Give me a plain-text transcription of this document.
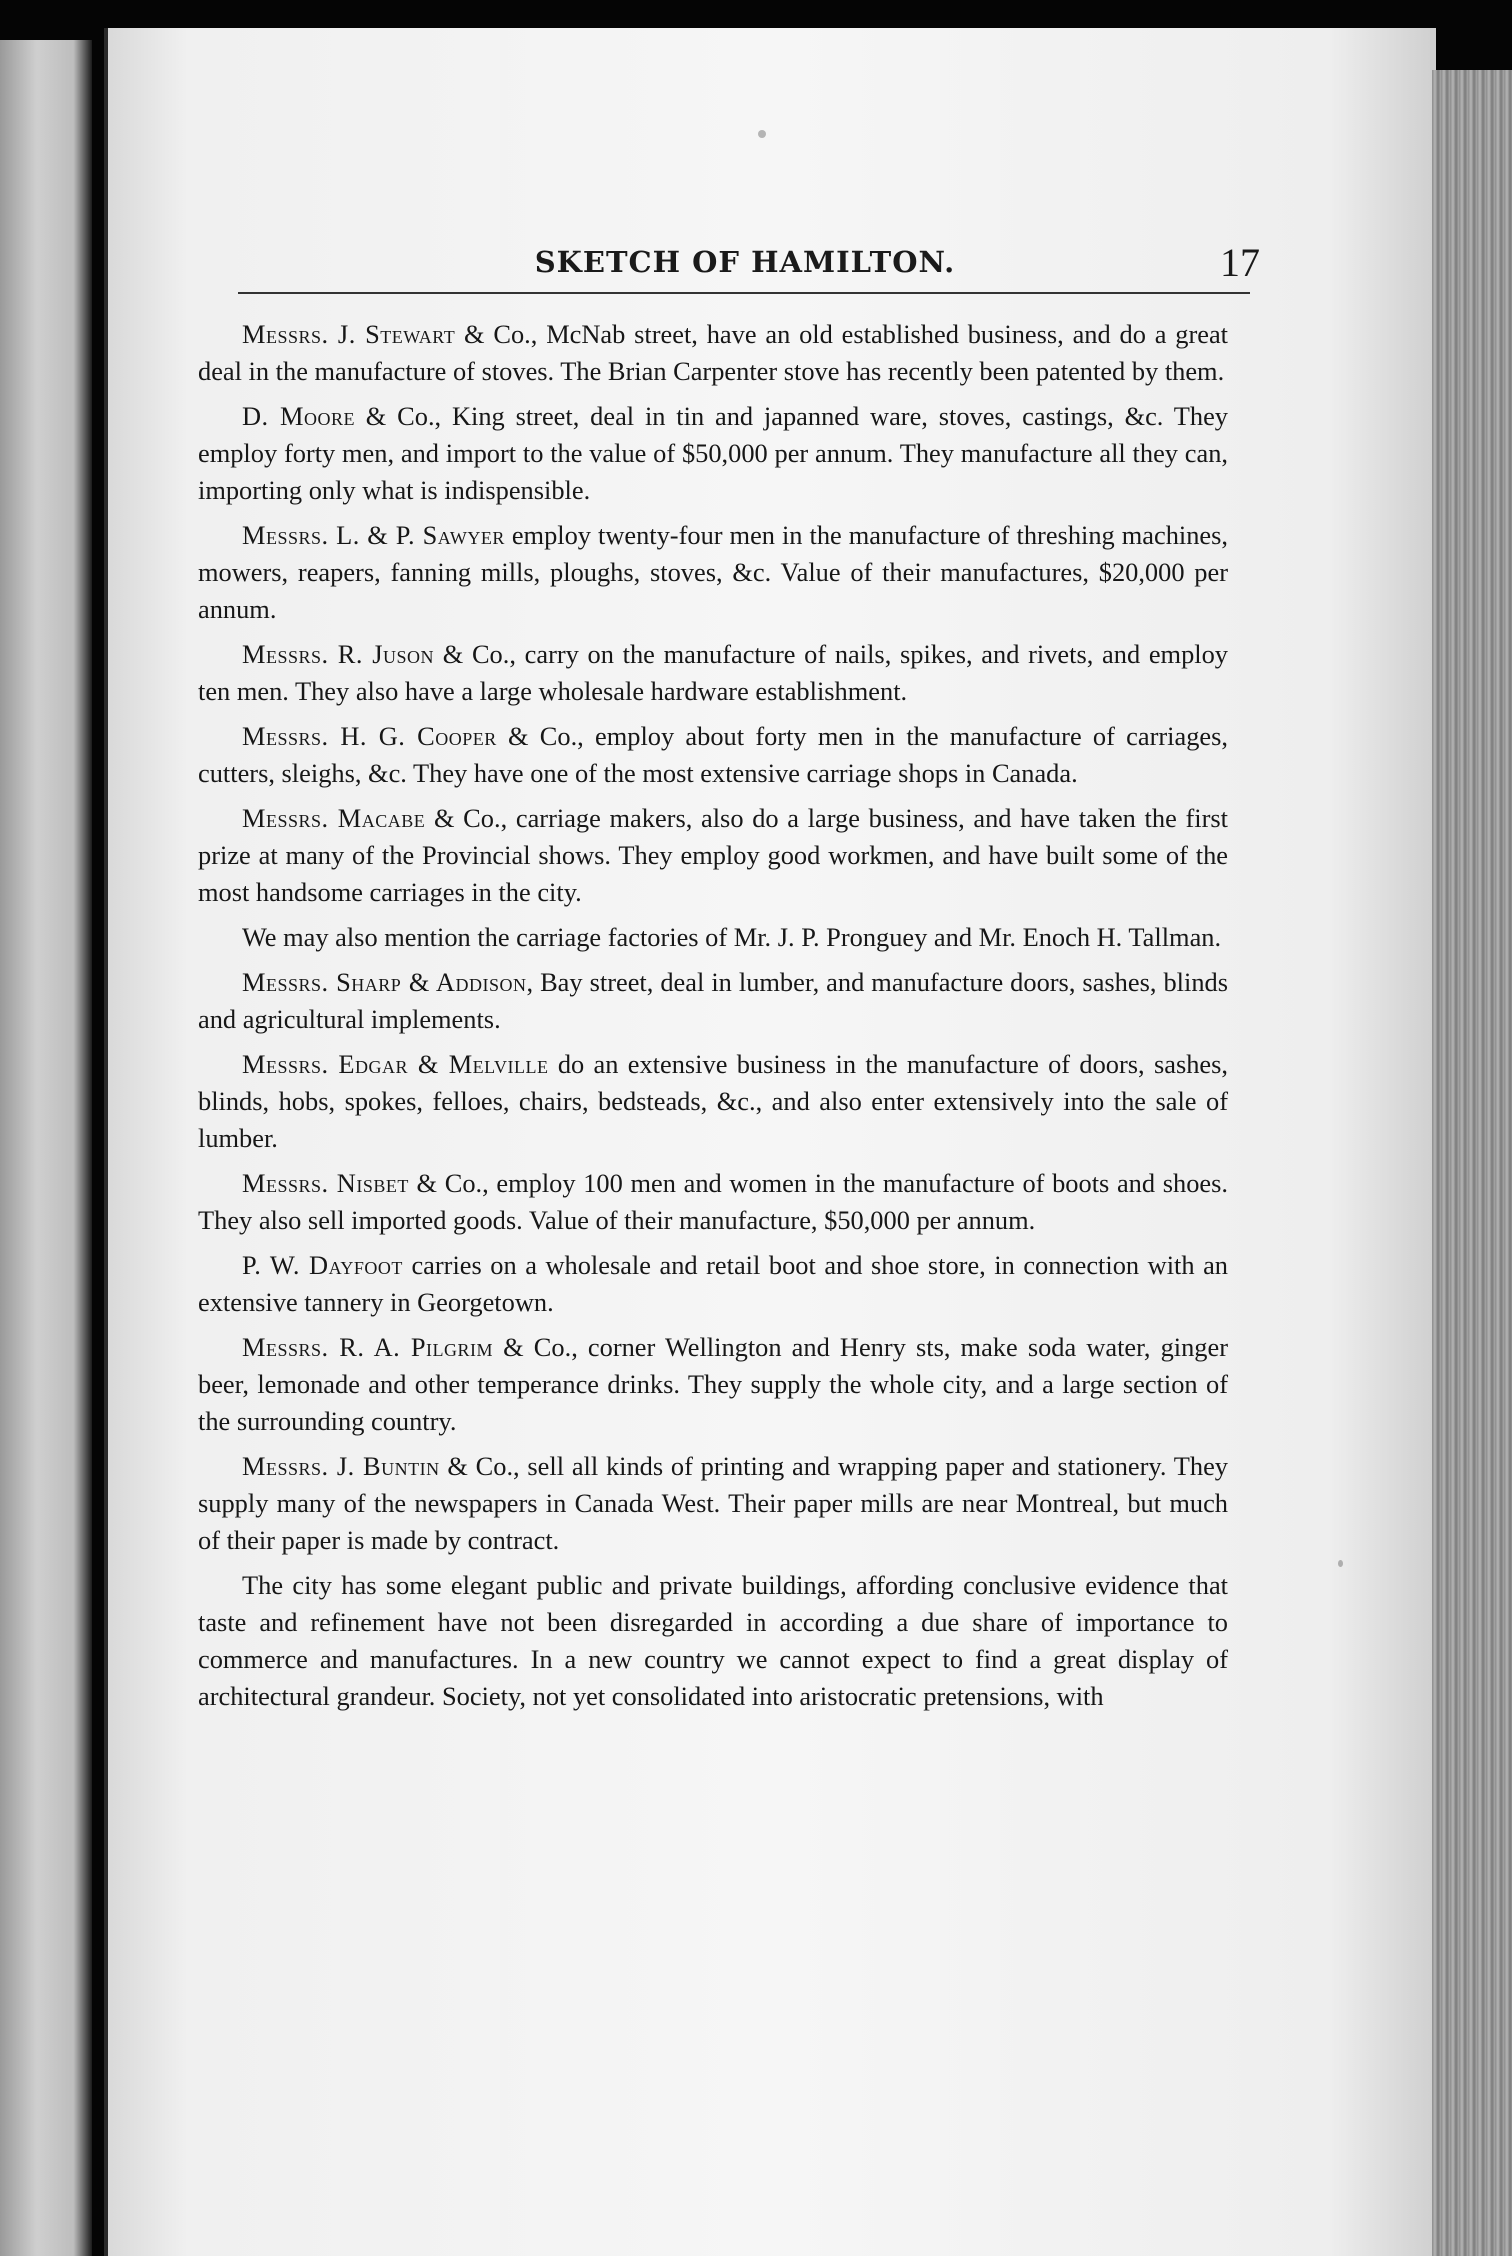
SKETCH OF HAMILTON.	17

Messrs. J. Stewart & Co., McNab street, have an old established business, and do a great deal in the manufacture of stoves. The Brian Carpenter stove has recently been patented by them.

D. Moore & Co., King street, deal in tin and japanned ware, stoves, castings, &c. They employ forty men, and import to the value of $50,000 per annum. They manufacture all they can, importing only what is indispensible.

Messrs. L. & P. Sawyer employ twenty-four men in the manufacture of threshing machines, mowers, reapers, fanning mills, ploughs, stoves, &c. Value of their manufactures, $20,000 per annum.

Messrs. R. Juson & Co., carry on the manufacture of nails, spikes, and rivets, and employ ten men. They also have a large wholesale hardware establishment.

Messrs. H. G. Cooper & Co., employ about forty men in the manufacture of carriages, cutters, sleighs, &c. They have one of the most extensive carriage shops in Canada.

Messrs. Macabe & Co., carriage makers, also do a large business, and have taken the first prize at many of the Provincial shows. They employ good workmen, and have built some of the most handsome carriages in the city.

We may also mention the carriage factories of Mr. J. P. Pronguey and Mr. Enoch H. Tallman.

Messrs. Sharp & Addison, Bay street, deal in lumber, and manufacture doors, sashes, blinds and agricultural implements.

Messrs. Edgar & Melville do an extensive business in the manufacture of doors, sashes, blinds, hobs, spokes, felloes, chairs, bedsteads, &c., and also enter extensively into the sale of lumber.

Messrs. Nisbet & Co., employ 100 men and women in the manufacture of boots and shoes. They also sell imported goods. Value of their manufacture, $50,000 per annum.

P. W. Dayfoot carries on a wholesale and retail boot and shoe store, in connection with an extensive tannery in Georgetown.

Messrs. R. A. Pilgrim & Co., corner Wellington and Henry sts, make soda water, ginger beer, lemonade and other temperance drinks. They supply the whole city, and a large section of the surrounding country.

Messrs. J. Buntin & Co., sell all kinds of printing and wrapping paper and stationery. They supply many of the newspapers in Canada West. Their paper mills are near Montreal, but much of their paper is made by contract.

The city has some elegant public and private buildings, affording conclusive evidence that taste and refinement have not been disregarded in according a due share of importance to commerce and manufactures. In a new country we cannot expect to find a great display of architectural grandeur. Society, not yet consolidated into aristocratic pretensions, with
